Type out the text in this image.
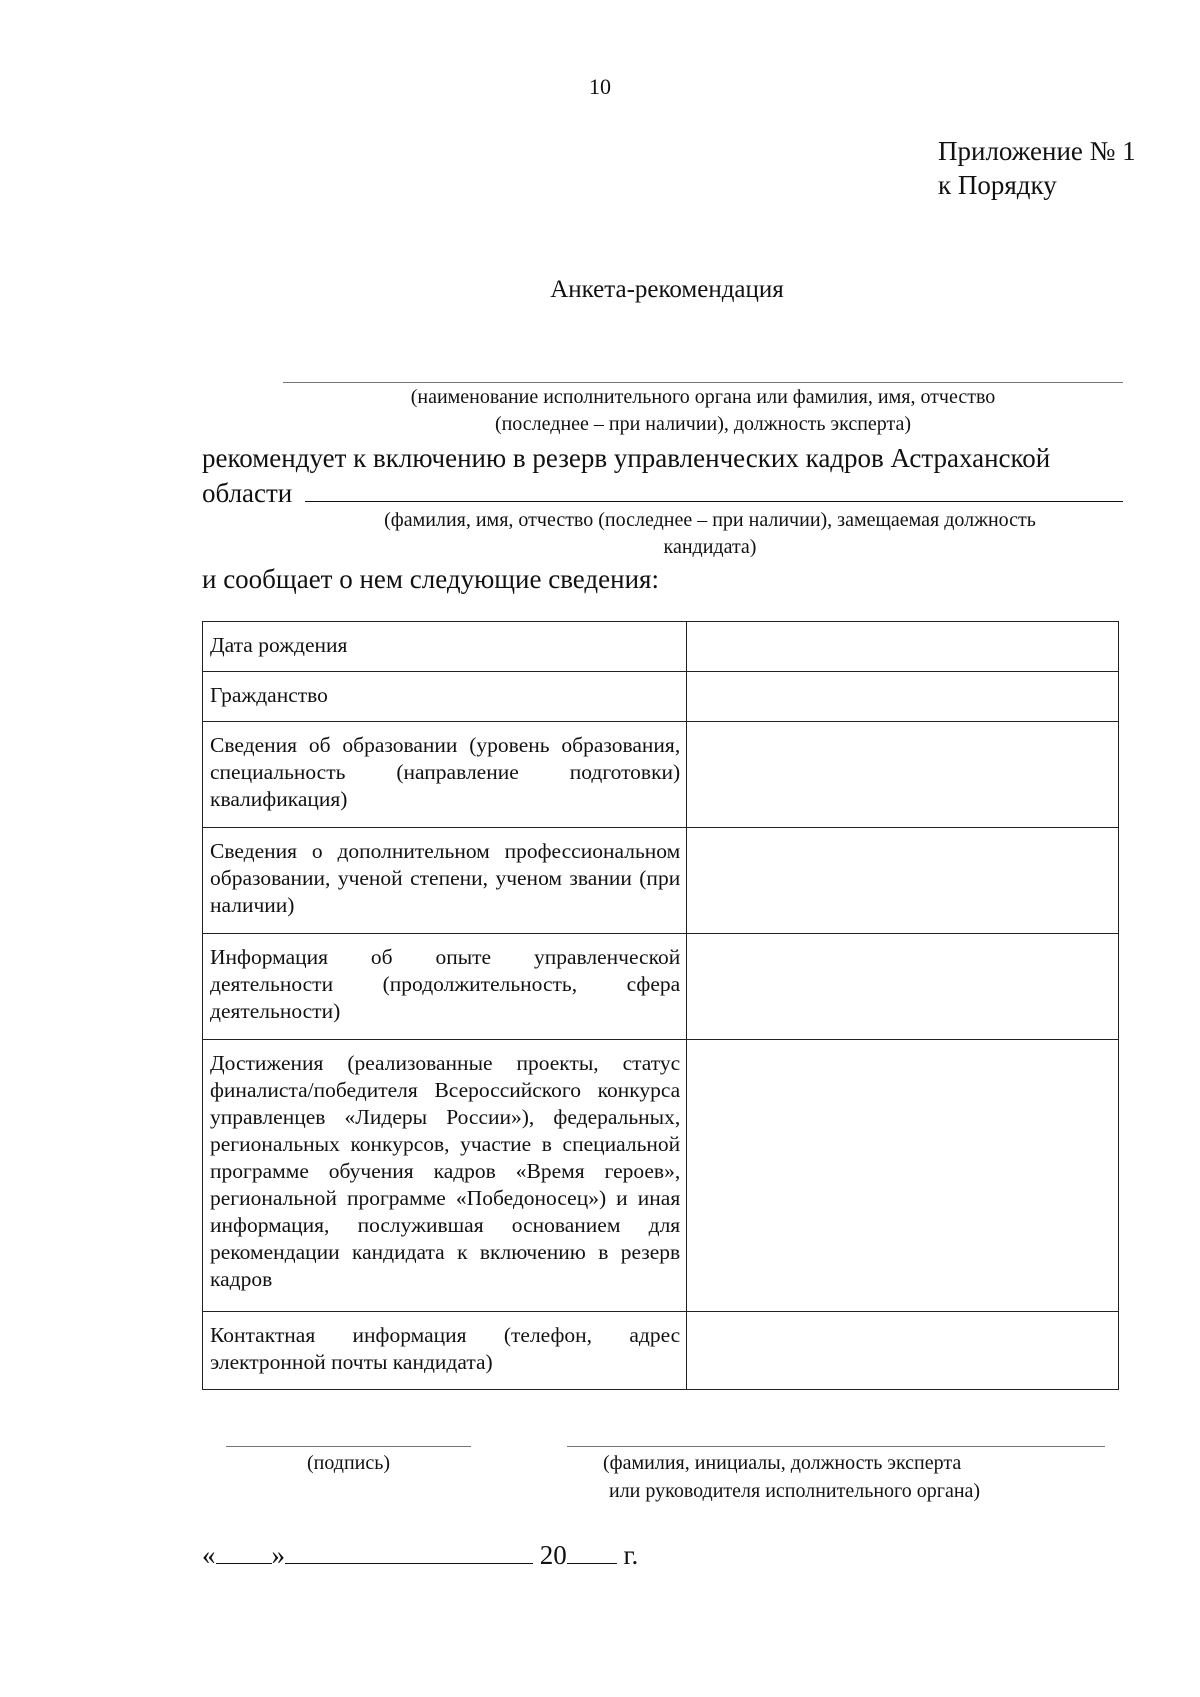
10
Приложение № 1
к Порядку
Анкета-рекомендация
(наименование исполнительного органа или фамилия, имя, отчество
(последнее – при наличии), должность эксперта)
рекомендует к включению в резерв управленческих кадров Астраханской
области
(фамилия, имя, отчество (последнее – при наличии), замещаемая должность
кандидата)
и сообщает о нем следующие сведения:
Дата рождения	
Гражданство	
Сведения об образовании (уровень образования, специальность (направление подготовки) квалификация)	
Сведения о дополнительном профессиональном образовании, ученой степени, ученом звании (при наличии)	
Информация об опыте управленческой деятельности (продолжительность, сфера деятельности)	
Достижения (реализованные проекты, статус финалиста/победителя Всероссийского конкурса управленцев «Лидеры России»), федеральных, региональных конкурсов, участие в специальной программе обучения кадров «Время героев», региональной программе «Победоносец») и иная информация, послужившая основанием для рекомендации кандидата к включению в резерв кадров	
Контактная информация (телефон, адрес электронной почты кандидата)	
(подпись)	(фамилия, инициалы, должность эксперта
или руководителя исполнительного органа)
« »	20 г.
